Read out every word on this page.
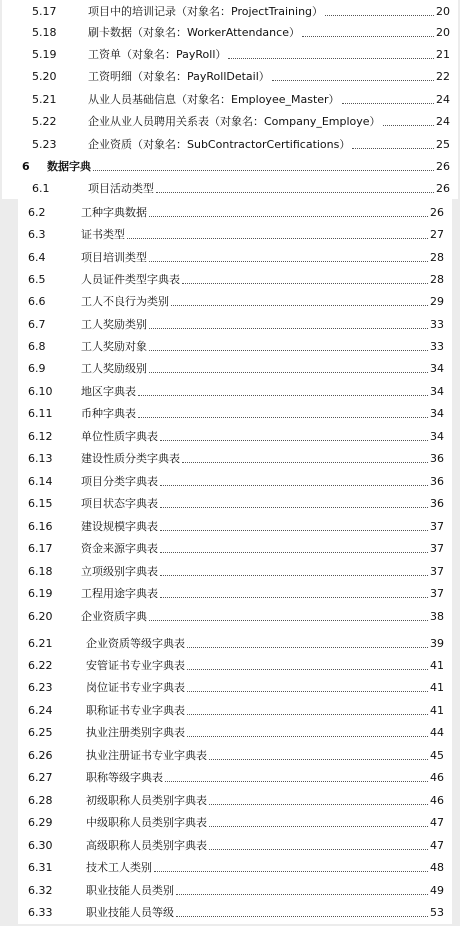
5.17	项目中的培训记录（对象名：ProjectTraining）	20
5.18	刷卡数据（对象名：WorkerAttendance）	20
5.19	工资单（对象名：PayRoll）	21
5.20	工资明细（对象名：PayRollDetail）	22
5.21	从业人员基础信息（对象名：Employee_Master）	24
5.22	企业从业人员聘用关系表（对象名：Company_Employe）	24
5.23	企业资质（对象名：SubContractorCertifications）	25
6	数据字典	26
6.1	项目活动类型	26
6.2	工种字典数据	26
6.3	证书类型	27
6.4	项目培训类型	28
6.5	人员证件类型字典表	28
6.6	工人不良行为类别	29
6.7	工人奖励类别	33
6.8	工人奖励对象	33
6.9	工人奖励级别	34
6.10	地区字典表	34
6.11	币种字典表	34
6.12	单位性质字典表	34
6.13	建设性质分类字典表	36
6.14	项目分类字典表	36
6.15	项目状态字典表	36
6.16	建设规模字典表	37
6.17	资金来源字典表	37
6.18	立项级别字典表	37
6.19	工程用途字典表	37
6.20	企业资质字典	38
6.21	企业资质等级字典表	39
6.22	安管证书专业字典表	41
6.23	岗位证书专业字典表	41
6.24	职称证书专业字典表	41
6.25	执业注册类别字典表	44
6.26	执业注册证书专业字典表	45
6.27	职称等级字典表	46
6.28	初级职称人员类别字典表	46
6.29	中级职称人员类别字典表	47
6.30	高级职称人员类别字典表	47
6.31	技术工人类别	48
6.32	职业技能人员类别	49
6.33	职业技能人员等级	53
